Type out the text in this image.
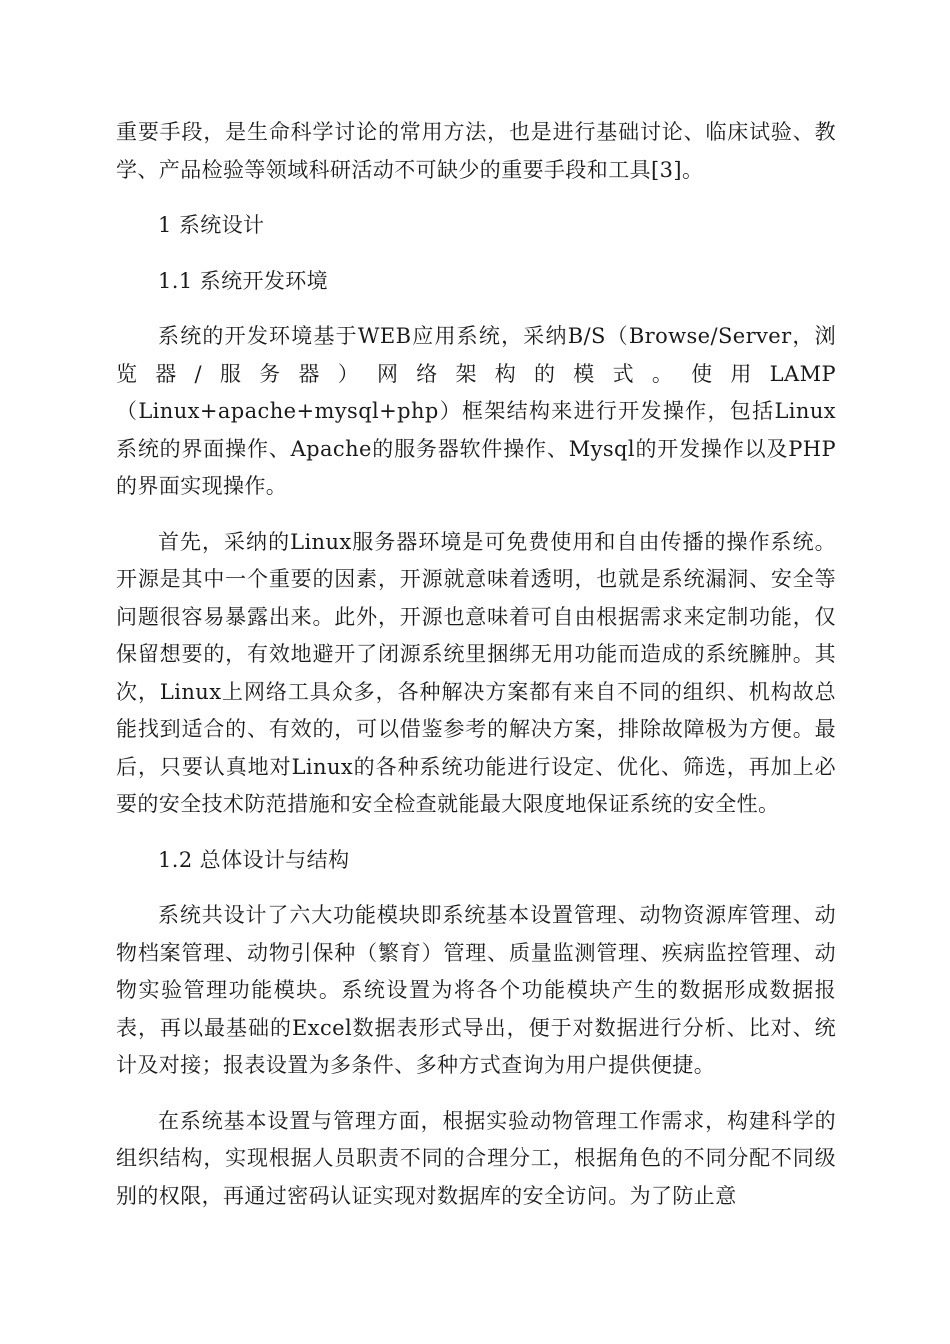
重要手段，是生命科学讨论的常用方法，也是进行基础讨论、临床试验、教学、产品检验等领域科研活动不可缺少的重要手段和工具[3]。

1 系统设计

1.1 系统开发环境

系统的开发环境基于WEB应用系统，采纳B/S（Browse/Server，浏览器/服务器）网络架构的模式。使用LAMP（Linux+apache+mysql+php）框架结构来进行开发操作，包括Linux系统的界面操作、Apache的服务器软件操作、Mysql的开发操作以及PHP的界面实现操作。

首先，采纳的Linux服务器环境是可免费使用和自由传播的操作系统。开源是其中一个重要的因素，开源就意味着透明，也就是系统漏洞、安全等问题很容易暴露出来。此外，开源也意味着可自由根据需求来定制功能，仅保留想要的，有效地避开了闭源系统里捆绑无用功能而造成的系统臃肿。其次，Linux上网络工具众多，各种解决方案都有来自不同的组织、机构故总能找到适合的、有效的，可以借鉴参考的解决方案，排除故障极为方便。最后，只要认真地对Linux的各种系统功能进行设定、优化、筛选，再加上必要的安全技术防范措施和安全检查就能最大限度地保证系统的安全性。

1.2 总体设计与结构

系统共设计了六大功能模块即系统基本设置管理、动物资源库管理、动物档案管理、动物引保种（繁育）管理、质量监测管理、疾病监控管理、动物实验管理功能模块。系统设置为将各个功能模块产生的数据形成数据报表，再以最基础的Excel数据表形式导出，便于对数据进行分析、比对、统计及对接；报表设置为多条件、多种方式查询为用户提供便捷。

在系统基本设置与管理方面，根据实验动物管理工作需求，构建科学的组织结构，实现根据人员职责不同的合理分工，根据角色的不同分配不同级别的权限，再通过密码认证实现对数据库的安全访问。为了防止意
